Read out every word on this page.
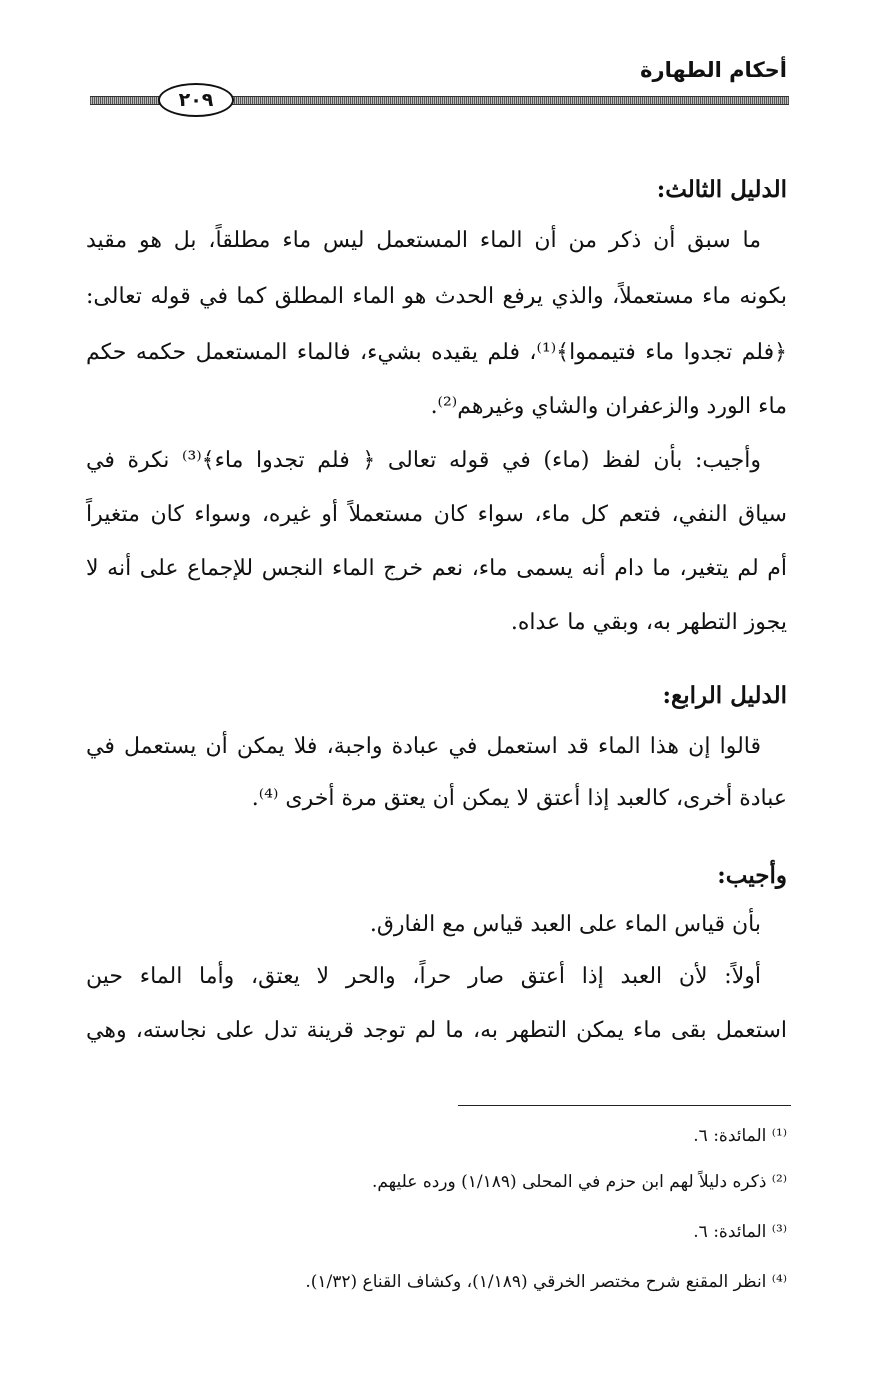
أحكام الطهارة
٢٠٩
الدليل الثالث:
ما سبق أن ذكر من أن الماء المستعمل ليس ماء مطلقاً، بل هو مقيد
بكونه ماء مستعملاً، والذي يرفع الحدث هو الماء المطلق كما في قوله تعالى:
﴿فلم تجدوا ماء فتيمموا﴾⁽¹⁾، فلم يقيده بشيء، فالماء المستعمل حكمه حكم
ماء الورد والزعفران والشاي وغيرهم⁽²⁾.
وأجيب: بأن لفظ (ماء) في قوله تعالى ﴿ فلم تجدوا ماء﴾⁽³⁾ نكرة في
سياق النفي، فتعم كل ماء، سواء كان مستعملاً أو غيره، وسواء كان متغيراً
أم لم يتغير، ما دام أنه يسمى ماء، نعم خرج الماء النجس للإجماع على أنه لا
يجوز التطهر به، وبقي ما عداه.
الدليل الرابع:
قالوا إن هذا الماء قد استعمل في عبادة واجبة، فلا يمكن أن يستعمل في
عبادة أخرى، كالعبد إذا أعتق لا يمكن أن يعتق مرة أخرى ⁽⁴⁾.
وأجيب:
بأن قياس الماء على العبد قياس مع الفارق.
أولاً: لأن العبد إذا أعتق صار حراً، والحر لا يعتق، وأما الماء حين
استعمل بقى ماء يمكن التطهر به، ما لم توجد قرينة تدل على نجاسته، وهي
⁽¹⁾ المائدة: ٦.
⁽²⁾ ذكره دليلاً لهم ابن حزم في المحلى (١/١٨٩) ورده عليهم.
⁽³⁾ المائدة: ٦.
⁽⁴⁾ انظر المقنع شرح مختصر الخرقي (١/١٨٩)، وكشاف القناع (١/٣٢).
